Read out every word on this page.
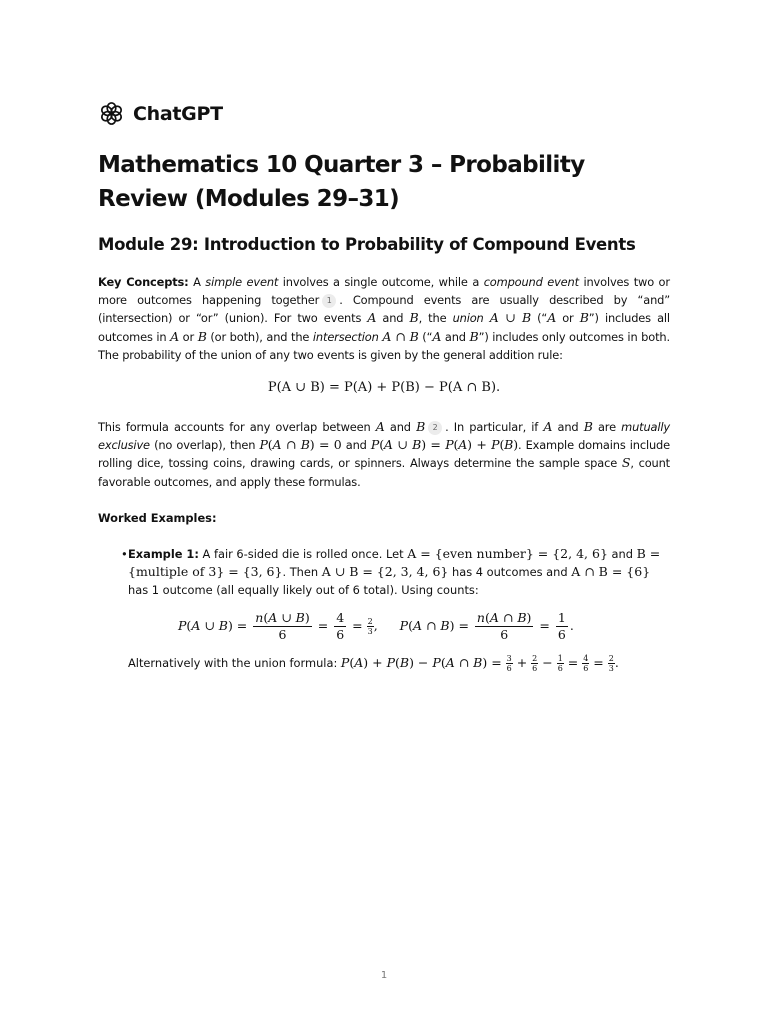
ChatGPT
Mathematics 10 Quarter 3 – Probability Review (Modules 29–31)
Module 29: Introduction to Probability of Compound Events

Key Concepts: A simple event involves a single outcome, while a compound event involves two or more outcomes happening together 1 . Compound events are usually described by “and” (intersection) or “or” (union). For two events A and B, the union A ∪ B (“A or B”) includes all outcomes in A or B (or both), and the intersection A ∩ B (“A and B”) includes only outcomes in both. The probability of the union of any two events is given by the general addition rule:

P(A ∪ B) = P(A) + P(B) − P(A ∩ B).

This formula accounts for any overlap between A and B 2 . In particular, if A and B are mutually exclusive (no overlap), then P(A ∩ B) = 0 and P(A ∪ B) = P(A) + P(B). Example domains include rolling dice, tossing coins, drawing cards, or spinners. Always determine the sample space S, count favorable outcomes, and apply these formulas.

Worked Examples:

• Example 1: A fair 6-sided die is rolled once. Let A = {even number} = {2, 4, 6} and B = {multiple of 3} = {3, 6}. Then A ∪ B = {2, 3, 4, 6} has 4 outcomes and A ∩ B = {6} has 1 outcome (all equally likely out of 6 total). Using counts:
P(A ∪ $B) = \frac{n(A \cup B)}{6} = \frac{4}{6} = \frac{2}{3}$ , P(A ∩ $B) = \frac{n(A \cap B)}{6} = \frac{1}{6}$ .
Alternatively with the union formula: P(A) + P(B) − P(A ∩ $B) = \frac{3}{6} + \frac{2}{6} - \frac{1}{6} = \frac{4}{6} = \frac{2}{3}$ .
1
